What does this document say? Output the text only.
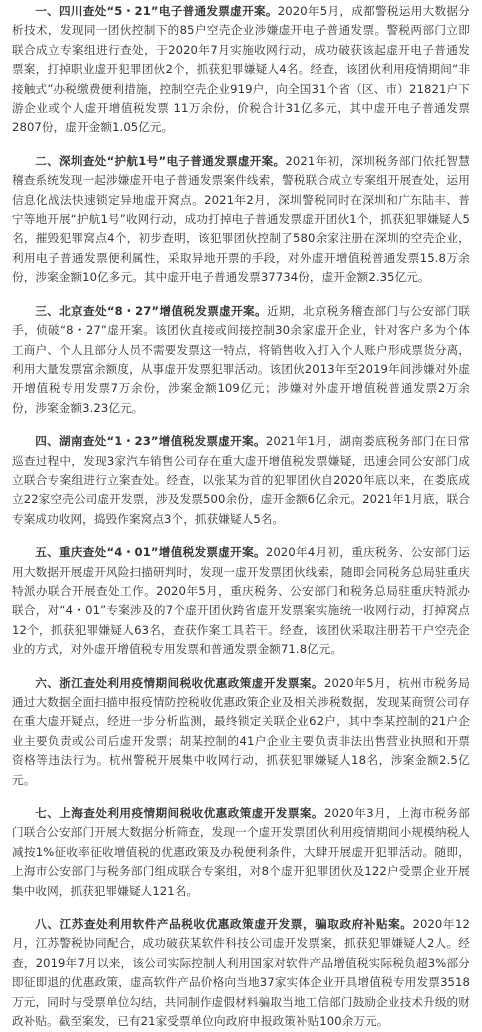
一、四川查处“5・21”电子普通发票虚开案。2020年5月，成都警税运用大数据分析技术，发现同一团伙控制下的85户空壳企业涉嫌虚开电子普通发票。警税两部门立即联合成立专案组进行查处，于2020年7月实施收网行动，成功破获该起虚开电子普通发票案，打掉职业虚开犯罪团伙2个，抓获犯罪嫌疑人4名。经查，该团伙利用疫情期间“非接触式”办税缴费便利措施，控制空壳企业919户，向全国31个省（区、市）21821户下游企业或个人虚开增值税发票 11万余份，价税合计31亿多元，其中虚开电子普通发票2807份，虚开金额1.05亿元。

二、深圳查处“护航1号”电子普通发票虚开案。2021年初，深圳税务部门依托智慧稽查系统发现一起涉嫌虚开电子普通发票案件线索，警税联合成立专案组开展查处，运用信息化战法快速锁定异地虚开窝点。2021年2月，深圳警税同时在深圳和广东陆丰、普宁等地开展“护航1号”收网行动，成功打掉电子普通发票虚开团伙1个，抓获犯罪嫌疑人5名，摧毁犯罪窝点4个，初步查明，该犯罪团伙控制了580余家注册在深圳的空壳企业，利用电子普通发票便利属性，采取异地开票的手段，对外虚开增值税普通发票15.8万余份，涉案金额10亿多元。其中虚开电子普通发票37734份，虚开金额2.35亿元。

三、北京查处“8・27”增值税发票虚开案。近期，北京税务稽查部门与公安部门联手，侦破“8・27”虚开案。该团伙直接或间接控制30余家虚开企业，针对客户多为个体工商户、个人且部分人员不需要发票这一特点，将销售收入打入个人账户形成票货分离，利用大量发票富余额度，从事虚开发票犯罪活动。该团伙2013年至2019年间涉嫌对外虚开增值税专用发票7万余份，涉案金额109亿元；涉嫌对外虚开增值税普通发票2万余份，涉案金额3.23亿元。

四、湖南查处“1・23”增值税发票虚开案。2021年1月，湖南娄底税务部门在日常巡查过程中，发现3家汽车销售公司存在重大虚开增值税发票嫌疑，迅速会同公安部门成立联合专案组进行立案查处。经查，以张某为首的犯罪团伙自2020年底以来，在娄底成立22家空壳公司虚开发票，涉及发票500余份，虚开金额6亿余元。2021年1月底，联合专案成功收网，捣毁作案窝点3个，抓获嫌疑人5名。

五、重庆查处“4・01”增值税发票虚开案。2020年4月初，重庆税务、公安部门运用大数据开展虚开风险扫描研判时，发现一虚开发票团伙线索，随即会同税务总局驻重庆特派办联合开展查处工作。2020年5月，重庆税务、公安部门和税务总局驻重庆特派办联合，对“4・01”专案涉及的7个虚开团伙跨省虚开发票案实施统一收网行动，打掉窝点12个，抓获犯罪嫌疑人63名，查获作案工具若干。经查，该团伙采取注册若干户空壳企业的方式，对外虚开增值税专用发票和普通发票金额71.8亿元。

六、浙江查处利用疫情期间税收优惠政策虚开发票案。2020年5月，杭州市税务局通过大数据全面扫描申报疫情防控税收优惠政策企业及相关涉税数据，发现某商贸公司存在重大虚开疑点，经进一步分析监测，最终锁定关联企业62户，其中李某控制的21户企业主要负责或公司后虚开发票；胡某控制的41户企业主要负责非法出售营业执照和开票资格等违法行为。杭州警税开展集中收网行动，抓获犯罪嫌疑人18名，涉案金额2.5亿元。

七、上海查处利用疫情期间税收优惠政策虚开发票案。2020年3月，上海市税务部门联合公安部门开展大数据分析筛查，发现一个虚开发票团伙利用疫情期间小规模纳税人减按1%征收率征收增值税的优惠政策及办税便利条件，大肆开展虚开犯罪活动。随即，上海市公安部门与税务部门组成联合专案组，对8个虚开犯罪团伙及122户受票企业开展集中收网，抓获犯罪嫌疑人121名。

八、江苏查处利用软件产品税收优惠政策虚开发票，骗取政府补贴案。2020年12月，江苏警税协同配合，成功破获某软件科技公司虚开发票案，抓获犯罪嫌疑人2人。经查，2019年7月以来，该公司实际控制人利用国家对软件产品增值税实际税负超3%部分即征即退的优惠政策，虚高软件产品价格向当地37家实体企业开具增值税专用发票3518万元，同时与受票单位勾结，共同制作虚假材料骗取当地工信部门鼓励企业技术升级的财政补贴。截至案发，已有21家受票单位向政府申报政策补贴100余万元。
